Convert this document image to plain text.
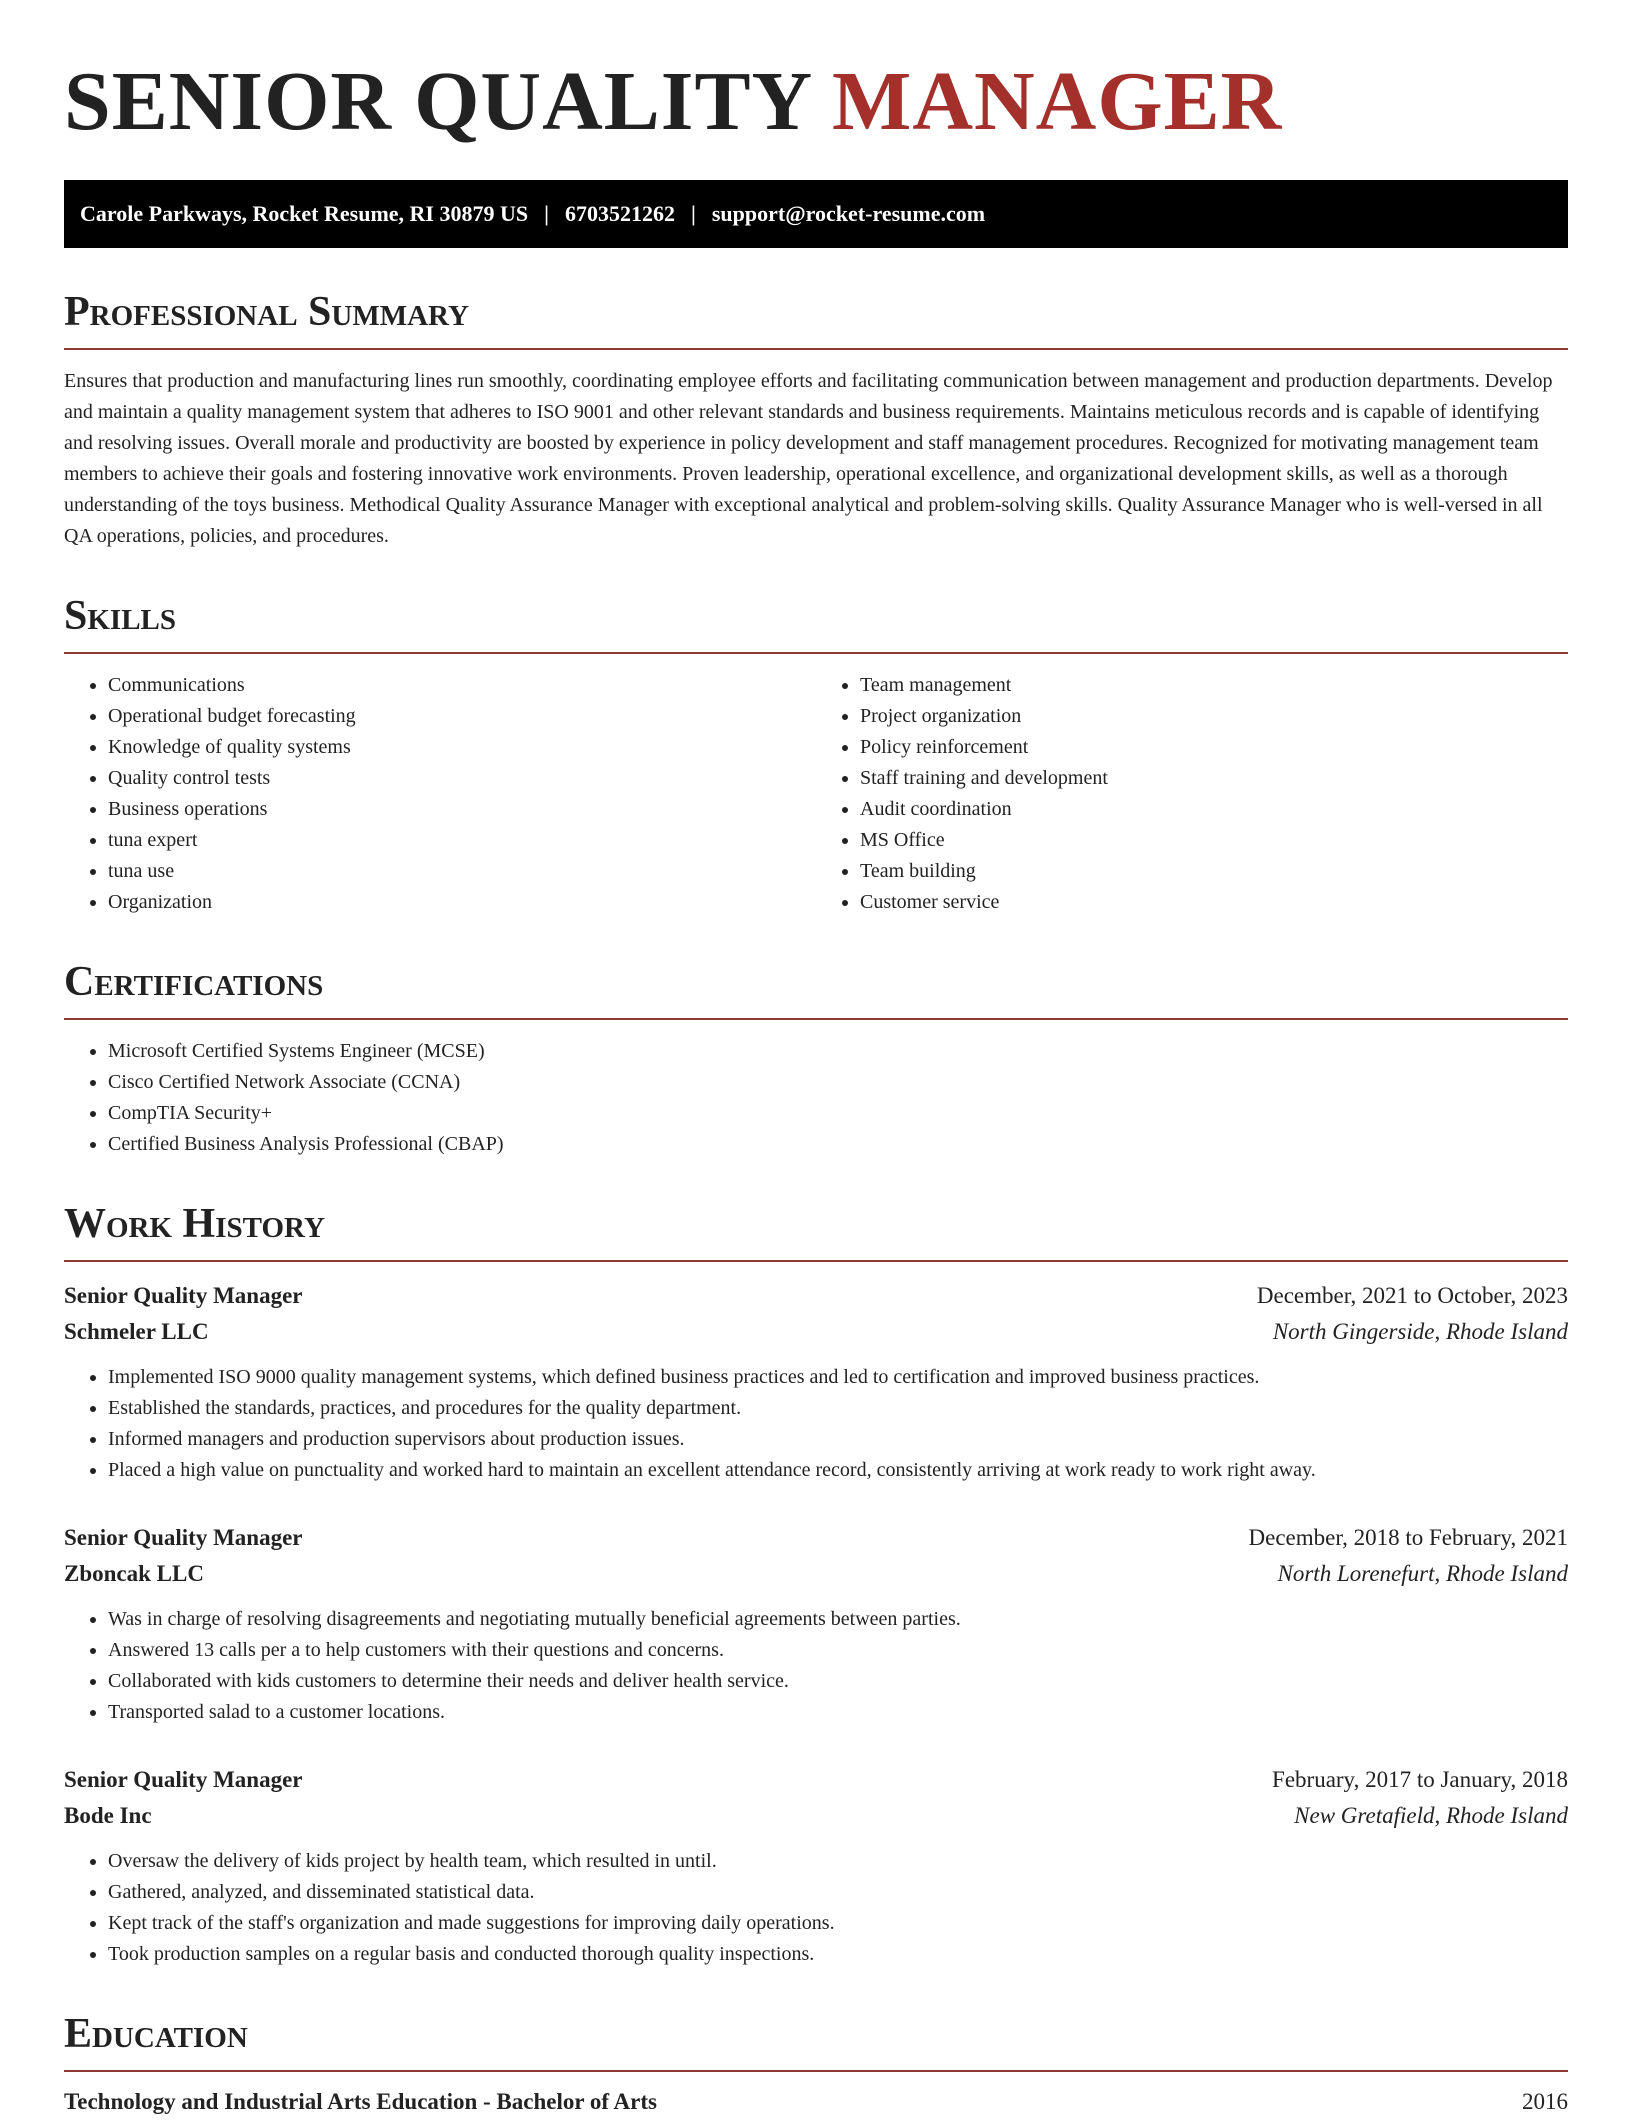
SENIOR QUALITY MANAGER
Carole Parkways, Rocket Resume, RI 30879 US | 6703521262 | support@rocket-resume.com
Professional Summary

Ensures that production and manufacturing lines run smoothly, coordinating employee efforts and facilitating communication between management and production departments. Develop and maintain a quality management system that adheres to ISO 9001 and other relevant standards and business requirements. Maintains meticulous records and is capable of identifying and resolving issues. Overall morale and productivity are boosted by experience in policy development and staff management procedures. Recognized for motivating management team members to achieve their goals and fostering innovative work environments. Proven leadership, operational excellence, and organizational development skills, as well as a thorough understanding of the toys business. Methodical Quality Assurance Manager with exceptional analytical and problem-solving skills. Quality Assurance Manager who is well-versed in all QA operations, policies, and procedures.

Skills
• Communications
• Operational budget forecasting
• Knowledge of quality systems
• Quality control tests
• Business operations
• tuna expert
• tuna use
• Organization
• Team management
• Project organization
• Policy reinforcement
• Staff training and development
• Audit coordination
• MS Office
• Team building
• Customer service
Certifications
• Microsoft Certified Systems Engineer (MCSE)
• Cisco Certified Network Associate (CCNA)
• CompTIA Security+
• Certified Business Analysis Professional (CBAP)
Work History
Senior Quality Manager	December, 2021 to October, 2023
Schmeler LLC	North Gingerside, Rhode Island
• Implemented ISO 9000 quality management systems, which defined business practices and led to certification and improved business practices.
• Established the standards, practices, and procedures for the quality department.
• Informed managers and production supervisors about production issues.
• Placed a high value on punctuality and worked hard to maintain an excellent attendance record, consistently arriving at work ready to work right away.
Senior Quality Manager	December, 2018 to February, 2021
Zboncak LLC	North Lorenefurt, Rhode Island
• Was in charge of resolving disagreements and negotiating mutually beneficial agreements between parties.
• Answered 13 calls per a to help customers with their questions and concerns.
• Collaborated with kids customers to determine their needs and deliver health service.
• Transported salad to a customer locations.
Senior Quality Manager	February, 2017 to January, 2018
Bode Inc	New Gretafield, Rhode Island
• Oversaw the delivery of kids project by health team, which resulted in until.
• Gathered, analyzed, and disseminated statistical data.
• Kept track of the staff's organization and made suggestions for improving daily operations.
• Took production samples on a regular basis and conducted thorough quality inspections.
Education
Technology and Industrial Arts Education - Bachelor of Arts	2016
